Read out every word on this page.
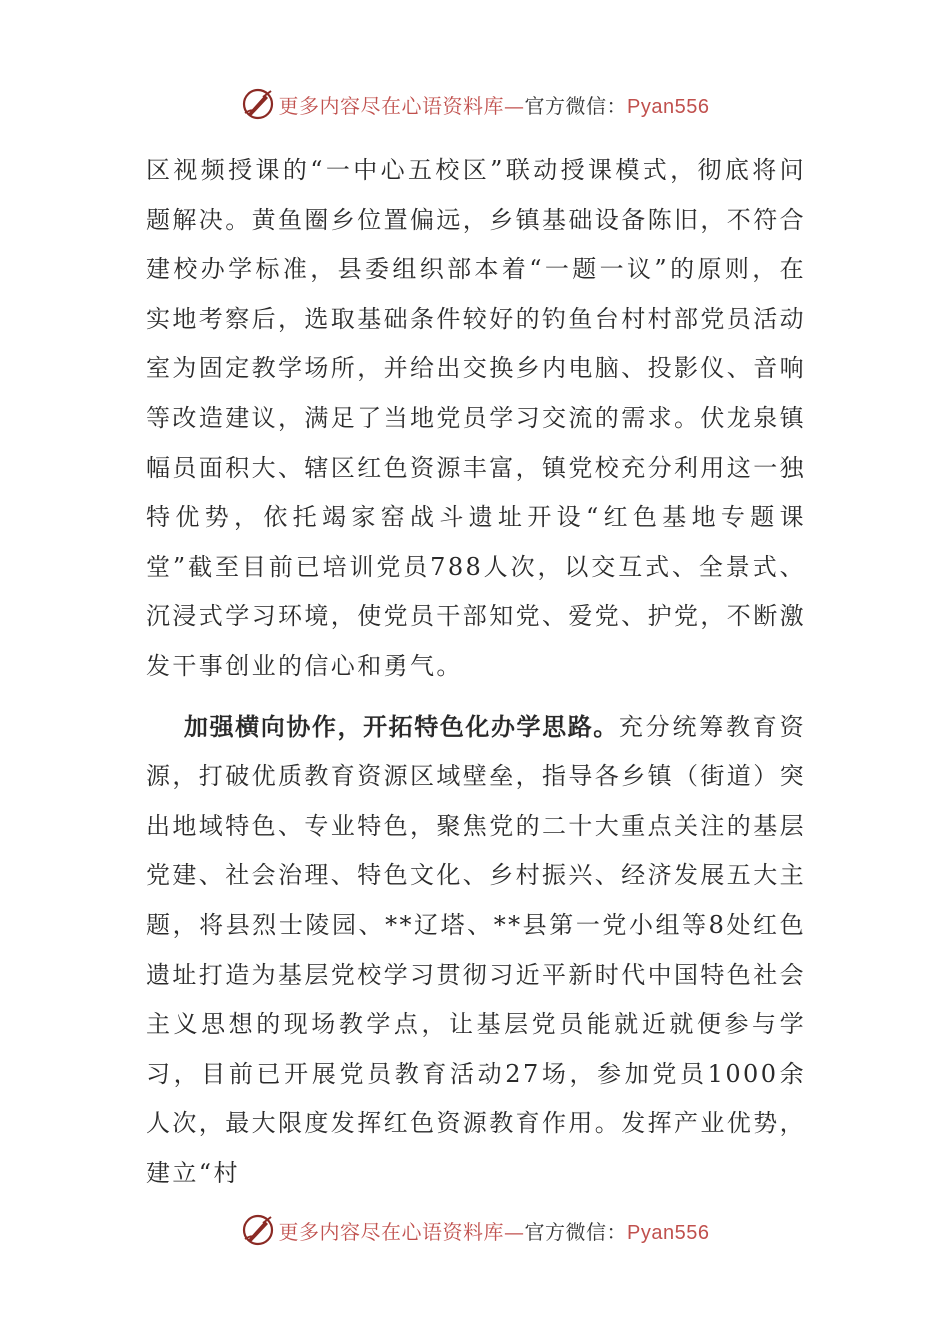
更多内容尽在心语资料库—官方微信：Pyan556

区视频授课的“一中心五校区”联动授课模式，彻底将问题解决。黄鱼圈乡位置偏远，乡镇基础设备陈旧，不符合建校办学标准，县委组织部本着“一题一议”的原则，在实地考察后，选取基础条件较好的钓鱼台村村部党员活动室为固定教学场所，并给出交换乡内电脑、投影仪、音响等改造建议，满足了当地党员学习交流的需求。伏龙泉镇幅员面积大、辖区红色资源丰富，镇党校充分利用这一独特优势，依托竭家窑战斗遗址开设“红色基地专题课堂”截至目前已培训党员788人次，以交互式、全景式、沉浸式学习环境，使党员干部知党、爱党、护党，不断激发干事创业的信心和勇气。

加强横向协作，开拓特色化办学思路。充分统筹教育资源，打破优质教育资源区域壁垒，指导各乡镇（街道）突出地域特色、专业特色，聚焦党的二十大重点关注的基层党建、社会治理、特色文化、乡村振兴、经济发展五大主题，将县烈士陵园、**辽塔、**县第一党小组等8处红色遗址打造为基层党校学习贯彻习近平新时代中国特色社会主义思想的现场教学点，让基层党员能就近就便参与学习，目前已开展党员教育活动27场，参加党员1000余人次，最大限度发挥红色资源教育作用。发挥产业优势，建立“村

更多内容尽在心语资料库—官方微信：Pyan556
